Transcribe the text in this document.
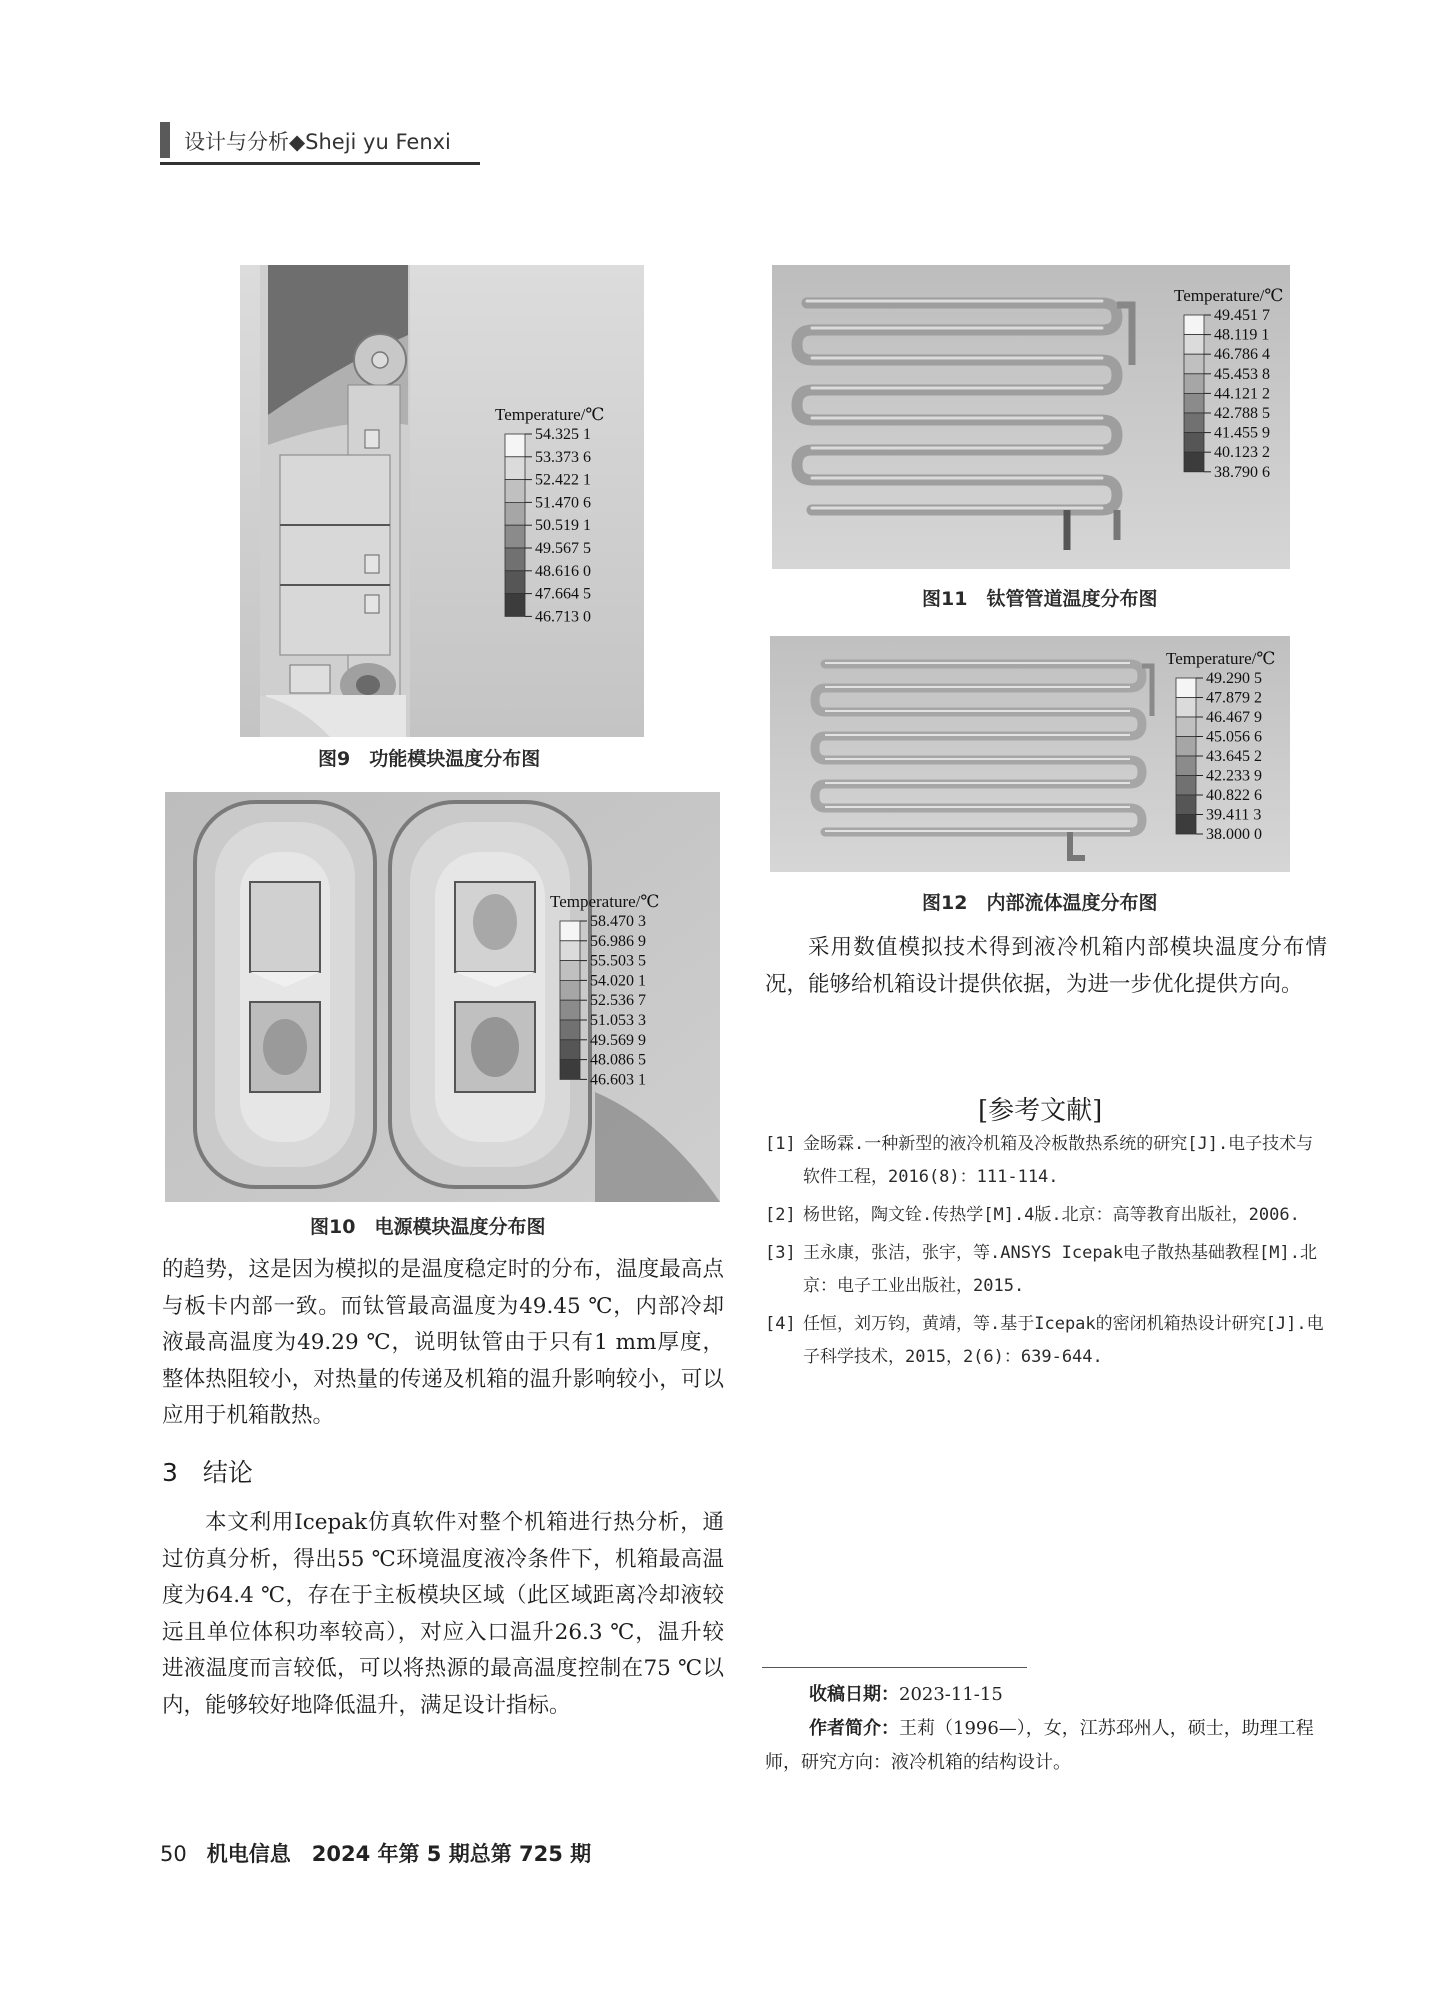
设计与分析◆Sheji yu Fenxi
Temperature/℃
54.325 1
53.373 6
52.422 1
51.470 6
50.519 1
49.567 5
48.616 0
47.664 5
46.713 0
图9　功能模块温度分布图
Temperature/℃
58.470 3
56.986 9
55.503 5
54.020 1
52.536 7
51.053 3
49.569 9
48.086 5
46.603 1
图10　电源模块温度分布图
Temperature/℃
49.451 7
48.119 1
46.786 4
45.453 8
44.121 2
42.788 5
41.455 9
40.123 2
38.790 6
图11　钛管管道温度分布图
Temperature/℃
49.290 5
47.879 2
46.467 9
45.056 6
43.645 2
42.233 9
40.822 6
39.411 3
38.000 0
图12　内部流体温度分布图

的趋势，这是因为模拟的是温度稳定时的分布，温度最高点与板卡内部一致。而钛管最高温度为49.45 ℃，内部冷却液最高温度为49.29 ℃，说明钛管由于只有1 mm厚度，整体热阻较小，对热量的传递及机箱的温升影响较小，可以应用于机箱散热。

3　结论

本文利用Icepak仿真软件对整个机箱进行热分析，通过仿真分析，得出55 ℃环境温度液冷条件下，机箱最高温度为64.4 ℃，存在于主板模块区域（此区域距离冷却液较远且单位体积功率较高），对应入口温升26.3 ℃，温升较进液温度而言较低，可以将热源的最高温度控制在75 ℃以内，能够较好地降低温升，满足设计指标。

采用数值模拟技术得到液冷机箱内部模块温度分布情况，能够给机箱设计提供依据，为进一步优化提供方向。

[参考文献]
[1] 金旸霖.一种新型的液冷机箱及冷板散热系统的研究[J].电子技术与软件工程，2016(8)：111-114.
[2] 杨世铭，陶文铨.传热学[M].4版.北京：高等教育出版社，2006.
[3] 王永康，张洁，张宇，等.ANSYS Icepak电子散热基础教程[M].北京：电子工业出版社，2015.
[4] 任恒，刘万钧，黄靖，等.基于Icepak的密闭机箱热设计研究[J].电子科学技术，2015，2(6)：639-644.
收稿日期：2023-11-15
作者简介：王莉（1996—），女，江苏邳州人，硕士，助理工程师，研究方向：液冷机箱的结构设计。
50 机电信息　2024 年第 5 期总第 725 期
